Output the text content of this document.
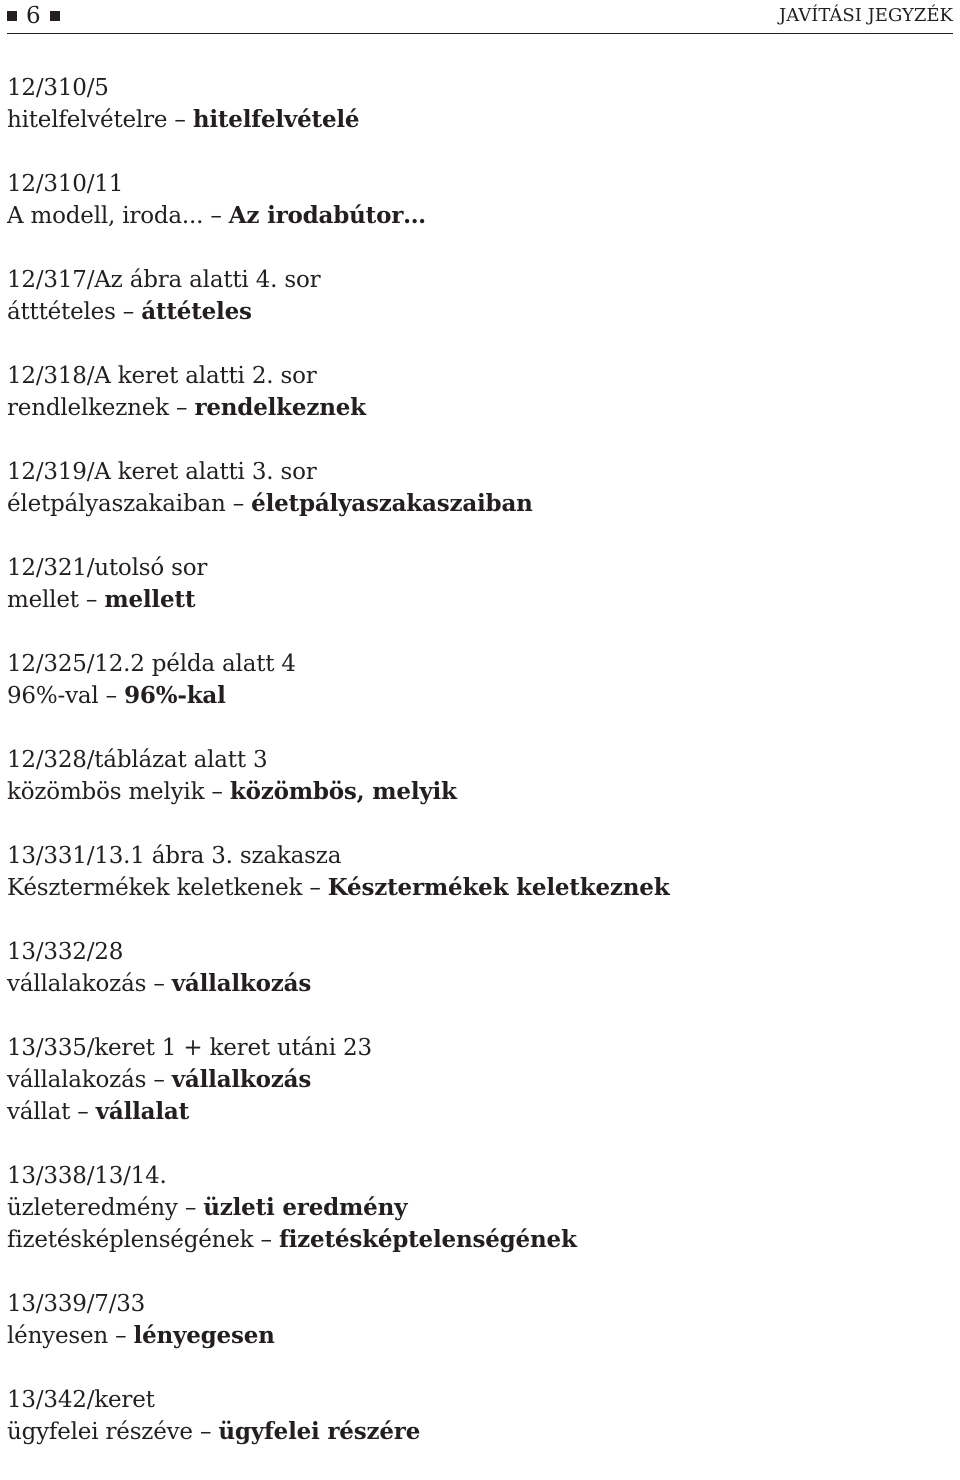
6	JAVÍTÁSI JEGYZÉK
12/310/5
hitelfelvételre – hitelfelvételé
12/310/11
A modell, iroda... – Az irodabútor…
12/317/Az ábra alatti 4. sor
átttételes – áttételes
12/318/A keret alatti 2. sor
rendlelkeznek – rendelkeznek
12/319/A keret alatti 3. sor
életpályaszakaiban – életpályaszakaszaiban
12/321/utolsó sor
mellet – mellett
12/325/12.2 példa alatt 4
96%-val – 96%-kal
12/328/táblázat alatt 3
közömbös melyik – közömbös, melyik
13/331/13.1 ábra 3. szakasza
Késztermékek keletkenek – Késztermékek keletkeznek
13/332/28
vállalakozás – vállalkozás
13/335/keret 1 + keret utáni 23
vállalakozás – vállalkozás
vállat – vállalat
13/338/13/14.
üzleteredmény – üzleti eredmény
fizetésképlenségének – fizetésképtelenségének
13/339/7/33
lényesen – lényegesen
13/342/keret
ügyfelei részéve – ügyfelei részére
